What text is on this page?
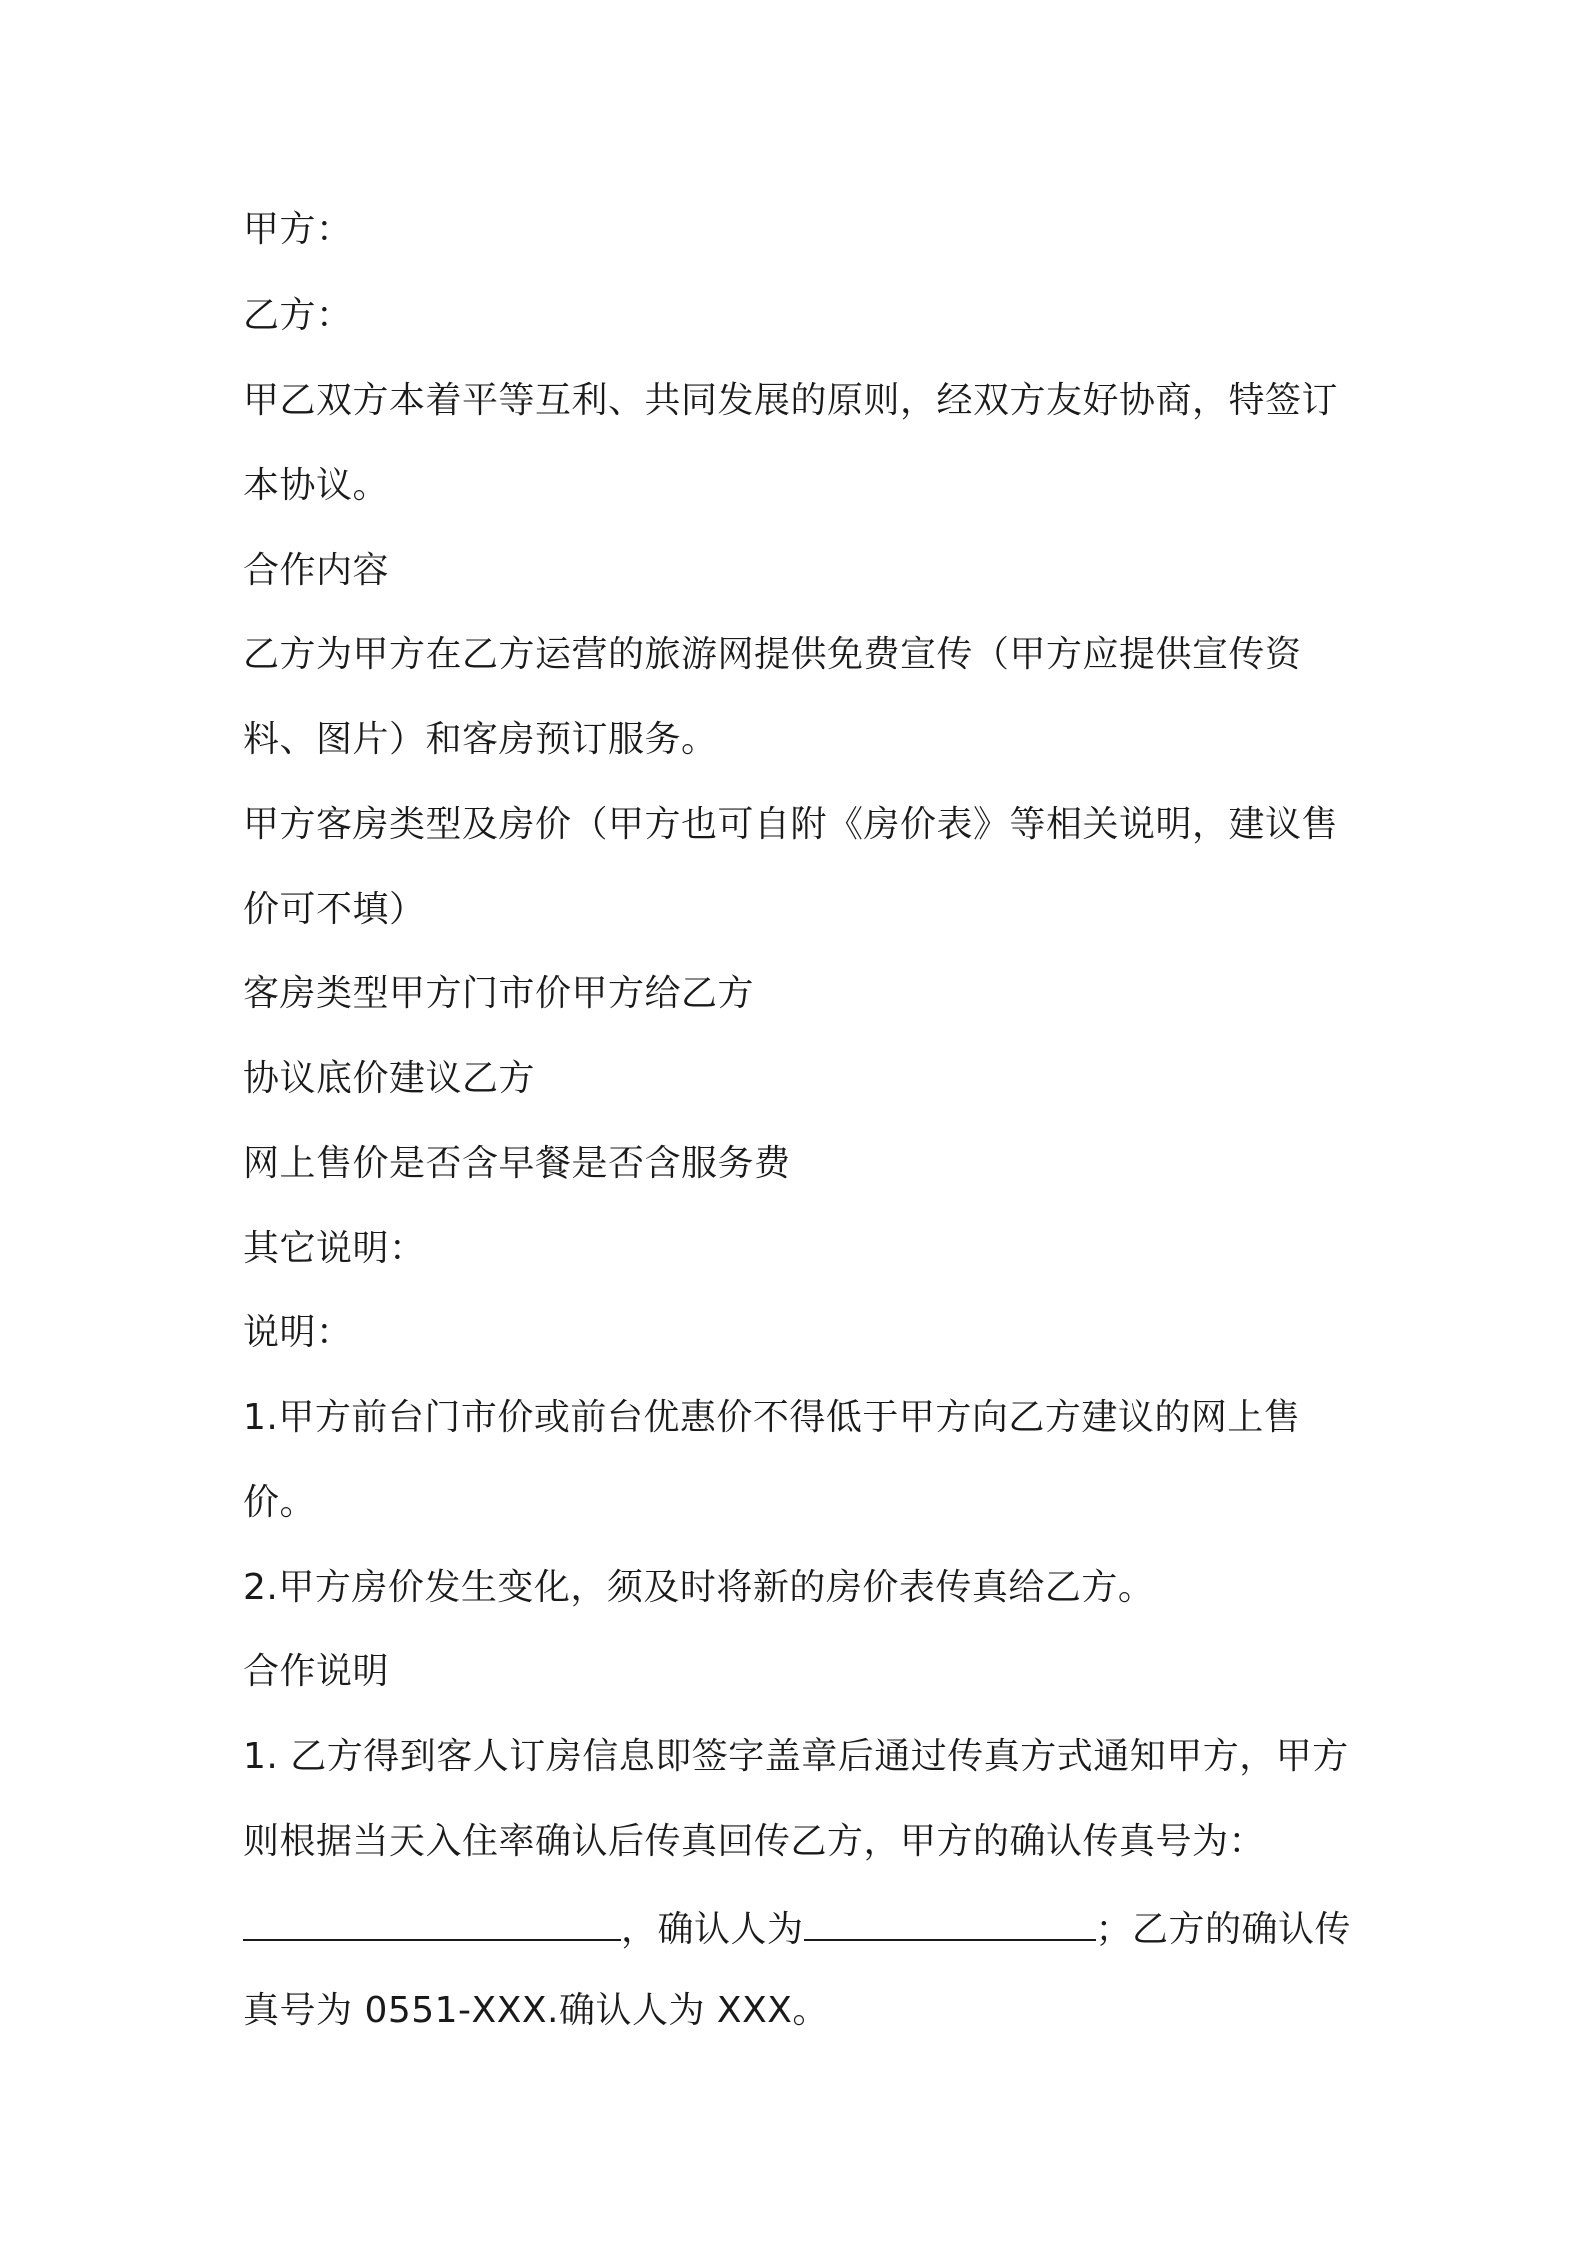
甲方：
乙方：
甲乙双方本着平等互利、共同发展的原则，经双方友好协商，特签订
本协议。
合作内容
乙方为甲方在乙方运营的旅游网提供免费宣传（甲方应提供宣传资
料、图片）和客房预订服务。
甲方客房类型及房价（甲方也可自附《房价表》等相关说明，建议售
价可不填）
客房类型甲方门市价甲方给乙方
协议底价建议乙方
网上售价是否含早餐是否含服务费
其它说明：
说明：
1.甲方前台门市价或前台优惠价不得低于甲方向乙方建议的网上售
价。
2.甲方房价发生变化，须及时将新的房价表传真给乙方。
合作说明
1. 乙方得到客人订房信息即签字盖章后通过传真方式通知甲方，甲方
则根据当天入住率确认后传真回传乙方，甲方的确认传真号为：
，确认人为	；乙方的确认传
真号为 0551-XXX.确认人为 XXX。
